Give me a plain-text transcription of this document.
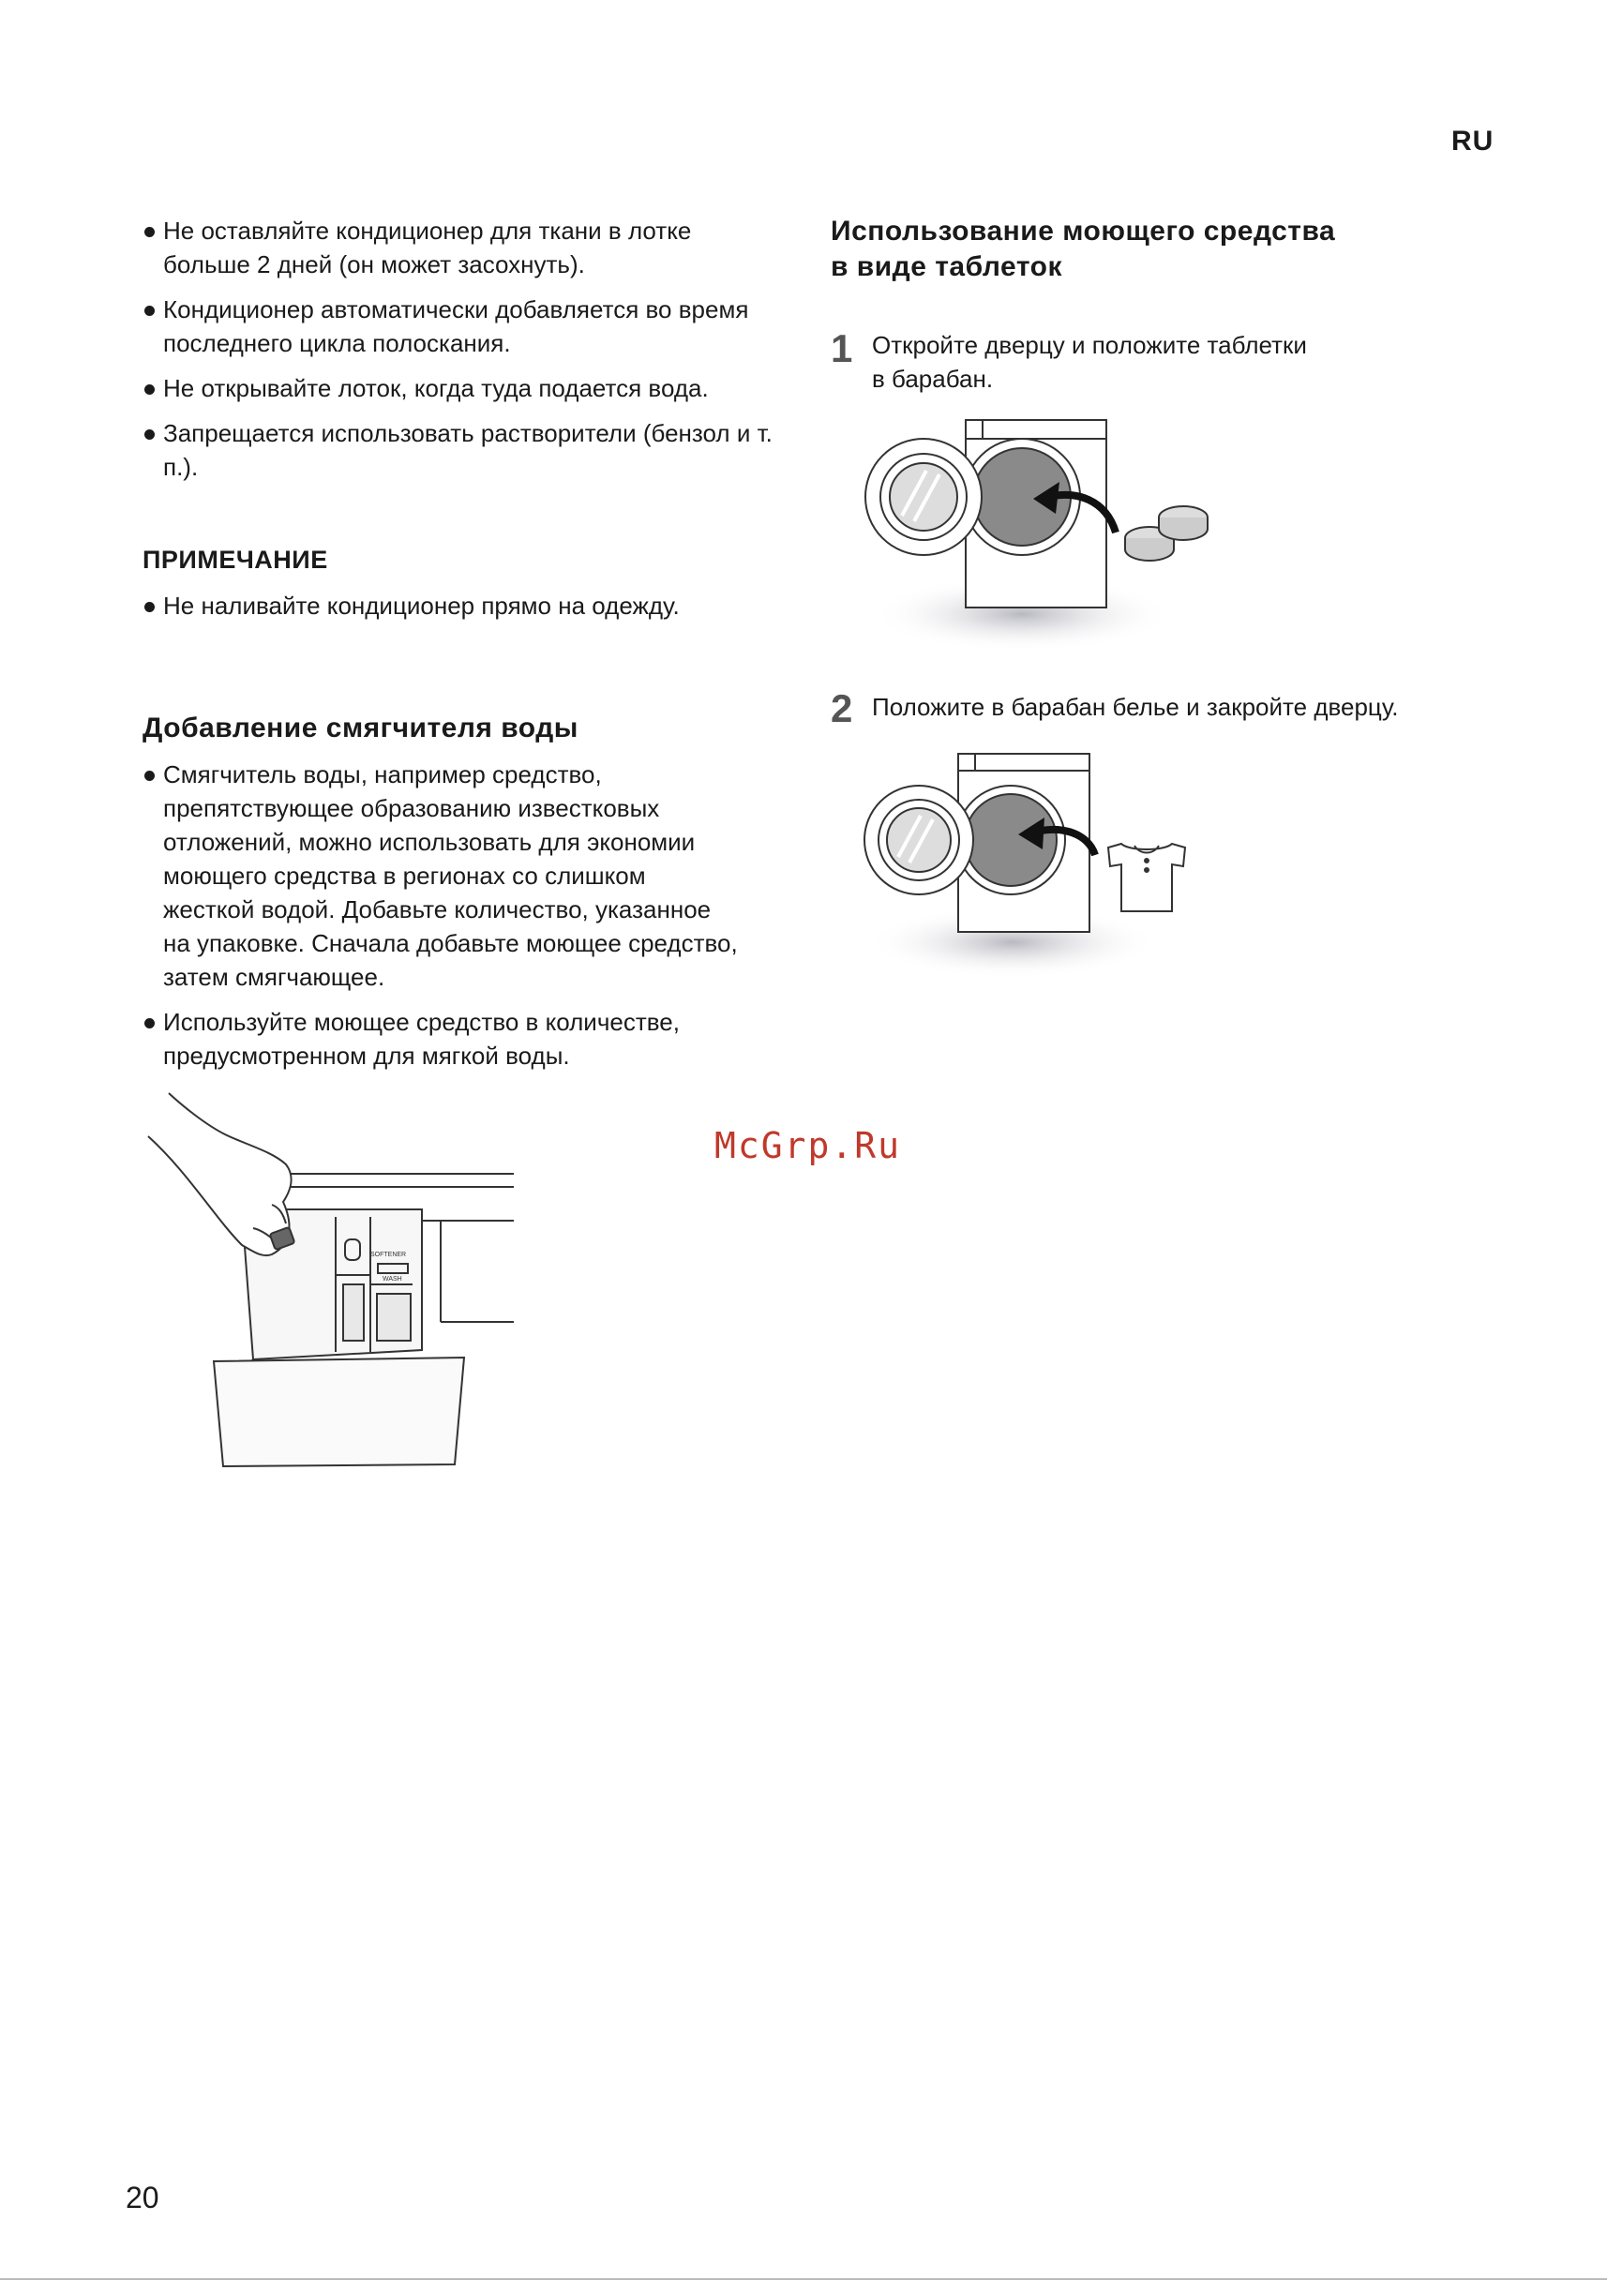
RU
Не оставляйте кондиционер для ткани в лотке больше 2 дней (он может засохнуть).
Кондиционер автоматически добавляется во время последнего цикла полоскания.
Не открывайте лоток, когда туда подается вода.
Запрещается использовать растворители (бензол и т. п.).
ПРИМЕЧАНИЕ
Не наливайте кондиционер прямо на одежду.
Добавление смягчителя воды
Смягчитель воды, например средство, препятствующее образованию известковых отложений, можно использовать для экономии моющего средства в регионах со слишком жесткой водой. Добавьте количество, указанное на упаковке. Сначала добавьте моющее средство, затем смягчающее.
Используйте моющее средство в количестве, предусмотренном для мягкой воды.
SOFTENER
WASH
Использование моющего средства
в виде таблеток
1 Откройте дверцу и положите таблетки
в барабан.
2 Положите в барабан белье и закройте дверцу.
McGrp.Ru
20
